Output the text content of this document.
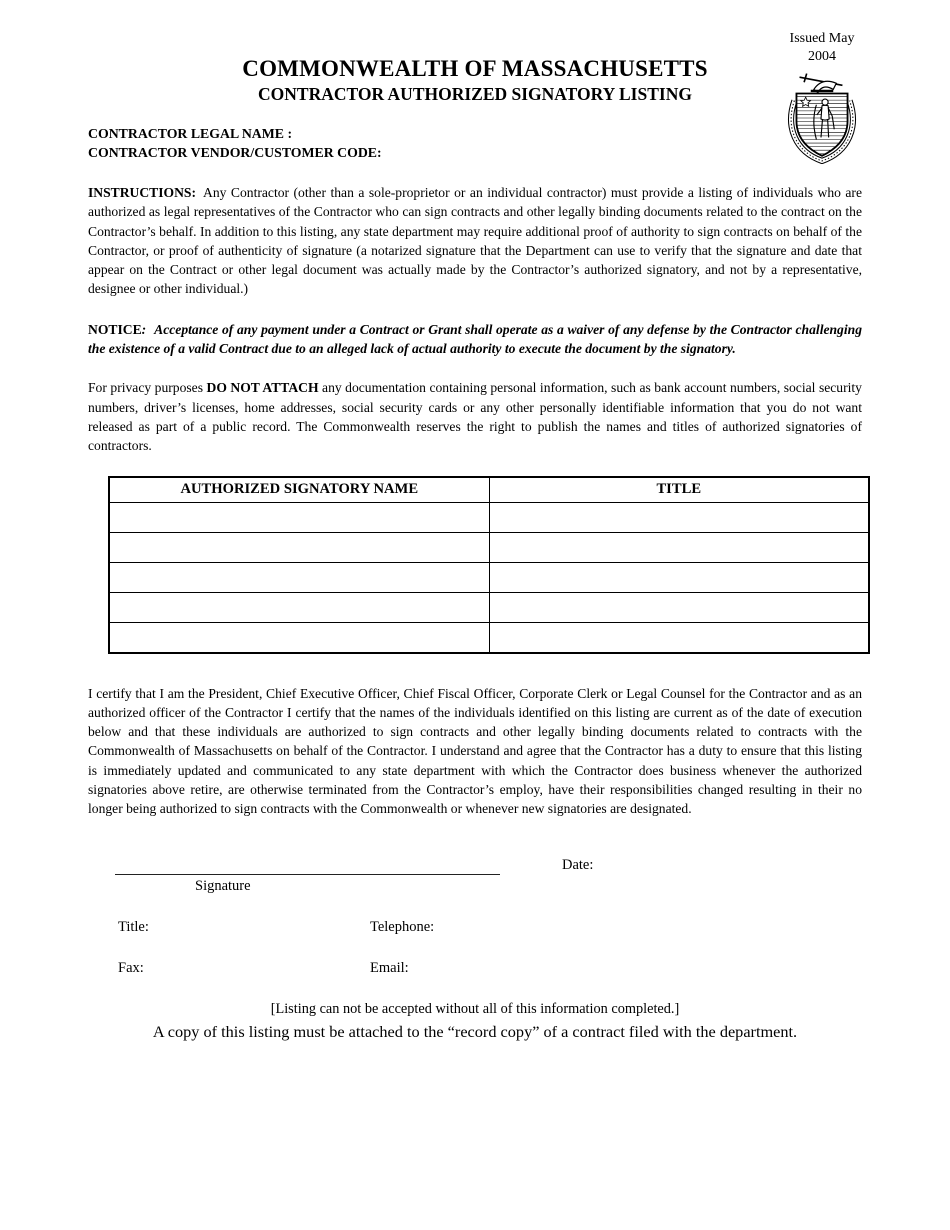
Issued May
2004
COMMONWEALTH OF MASSACHUSETTS
CONTRACTOR AUTHORIZED SIGNATORY LISTING
CONTRACTOR LEGAL NAME :
CONTRACTOR VENDOR/CUSTOMER CODE:

INSTRUCTIONS: Any Contractor (other than a sole-proprietor or an individual contractor) must provide a listing of individuals who are authorized as legal representatives of the Contractor who can sign contracts and other legally binding documents related to the contract on the Contractor’s behalf. In addition to this listing, any state department may require additional proof of authority to sign contracts on behalf of the Contractor, or proof of authenticity of signature (a notarized signature that the Department can use to verify that the signature and date that appear on the Contract or other legal document was actually made by the Contractor’s authorized signatory, and not by a representative, designee or other individual.)

NOTICE: Acceptance of any payment under a Contract or Grant shall operate as a waiver of any defense by the Contractor challenging the existence of a valid Contract due to an alleged lack of actual authority to execute the document by the signatory.

For privacy purposes DO NOT ATTACH any documentation containing personal information, such as bank account numbers, social security numbers, driver’s licenses, home addresses, social security cards or any other personally identifiable information that you do not want released as part of a public record. The Commonwealth reserves the right to publish the names and titles of authorized signatories of contractors.

AUTHORIZED SIGNATORY NAME	TITLE

I certify that I am the President, Chief Executive Officer, Chief Fiscal Officer, Corporate Clerk or Legal Counsel for the Contractor and as an authorized officer of the Contractor I certify that the names of the individuals identified on this listing are current as of the date of execution below and that these individuals are authorized to sign contracts and other legally binding documents related to contracts with the Commonwealth of Massachusetts on behalf of the Contractor. I understand and agree that the Contractor has a duty to ensure that this listing is immediately updated and communicated to any state department with which the Contractor does business whenever the authorized signatories above retire, are otherwise terminated from the Contractor’s employ, have their responsibilities changed resulting in their no longer being authorized to sign contracts with the Commonwealth or whenever new signatories are designated.

Date:
Signature
Title:	Telephone:
Fax:	Email:
[Listing can not be accepted without all of this information completed.]
A copy of this listing must be attached to the “record copy” of a contract filed with the department.
